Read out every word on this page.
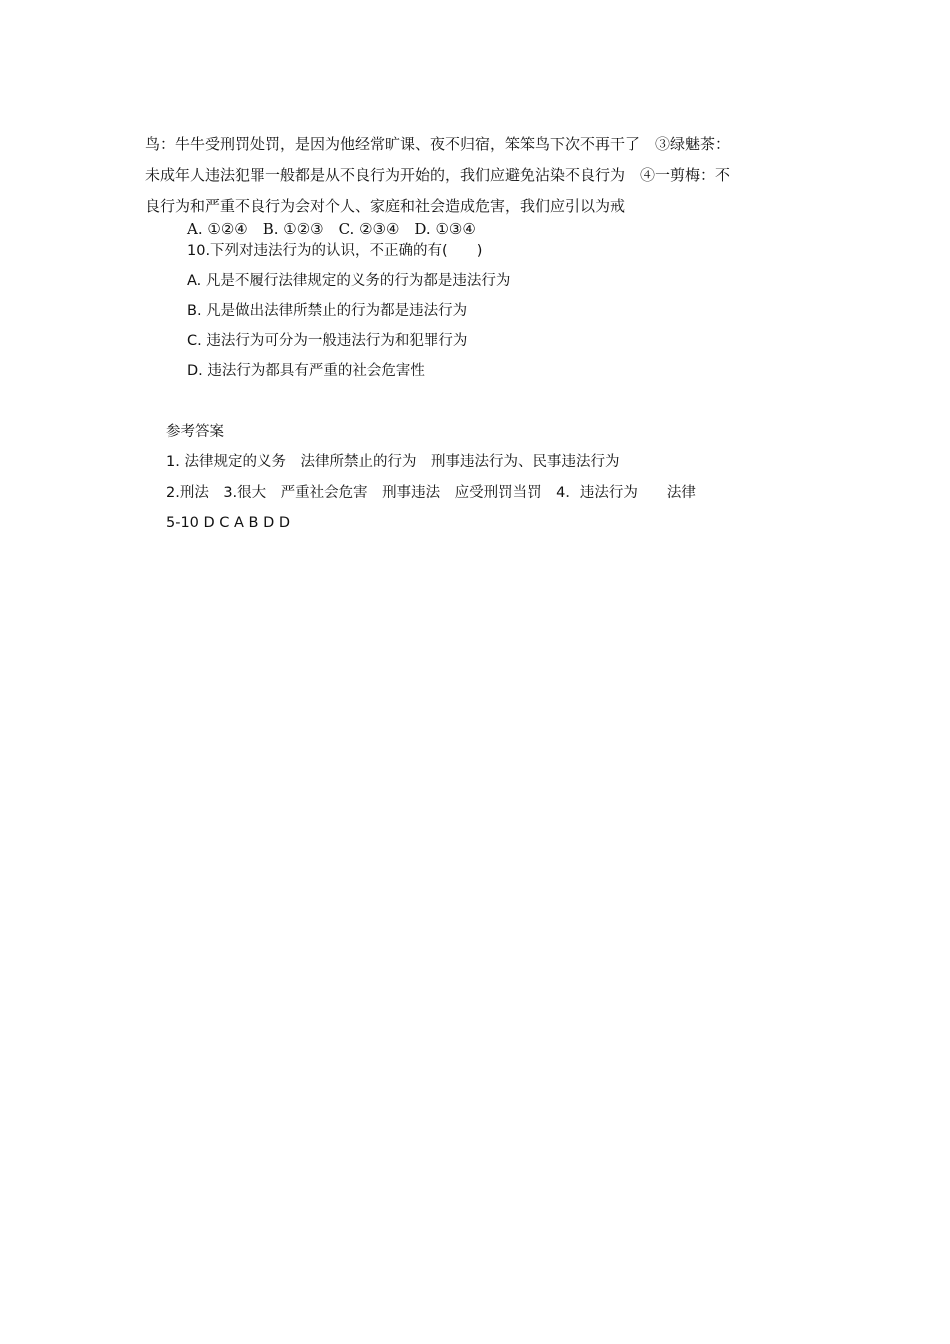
鸟：牛牛受刑罚处罚，是因为他经常旷课、夜不归宿，笨笨鸟下次不再干了　③绿魅茶：
未成年人违法犯罪一般都是从不良行为开始的，我们应避免沾染不良行为　④一剪梅：不
良行为和严重不良行为会对个人、家庭和社会造成危害，我们应引以为戒
A. ①②④　B. ①②③　C. ②③④　D. ①③④
10.下列对违法行为的认识，不正确的有(　　)
A. 凡是不履行法律规定的义务的行为都是违法行为
B. 凡是做出法律所禁止的行为都是违法行为
C. 违法行为可分为一般违法行为和犯罪行为
D. 违法行为都具有严重的社会危害性
参考答案
1. 法律规定的义务　法律所禁止的行为　刑事违法行为、民事违法行为
2.刑法　3.很大　严重社会危害　刑事违法　应受刑罚当罚　4．违法行为　　法律
5-10 D C A B D D
